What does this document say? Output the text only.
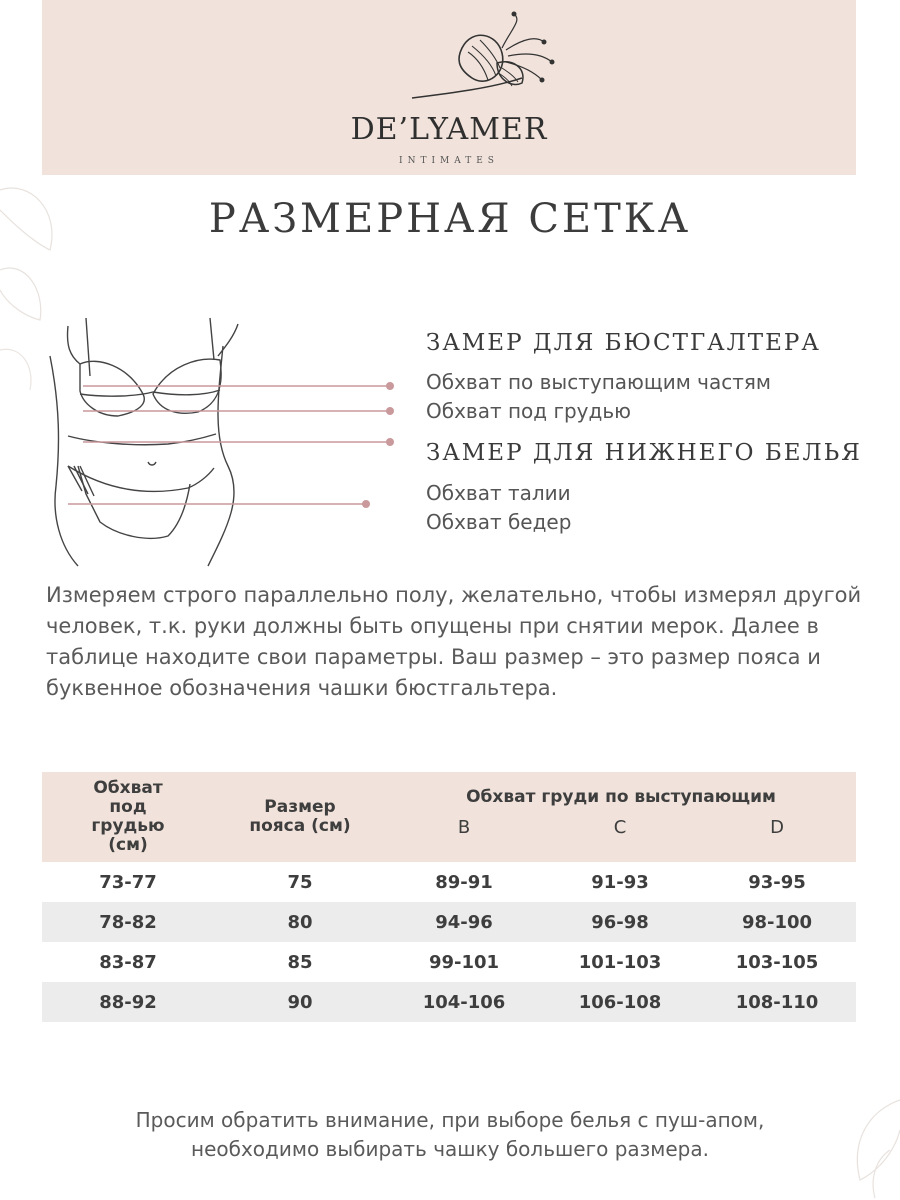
DE’LYAMER
INTIMATES
РАЗМЕРНАЯ СЕТКА
ЗАМЕР ДЛЯ БЮСТГАЛТЕРА
Обхват по выступающим частям
Обхват под грудью
ЗАМЕР ДЛЯ НИЖНЕГО БЕЛЬЯ
Обхват талии
Обхват бедер
Измеряем строго параллельно полу, желательно, чтобы измерял другой человек, т.к. руки должны быть опущены при снятии мерок. Далее в таблице находите свои параметры. Ваш размер – это размер пояса и буквенное обозначения чашки бюстгальтера.
Обхват под грудью (см)	Размер пояса (см)	Обхват груди по выступающим		
		B	C	D
73-77	75	89-91	91-93	93-95
78-82	80	94-96	96-98	98-100
83-87	85	99-101	101-103	103-105
88-92	90	104-106	106-108	108-110
Просим обратить внимание, при выборе белья с пуш-апом,
необходимо выбирать чашку большего размера.
